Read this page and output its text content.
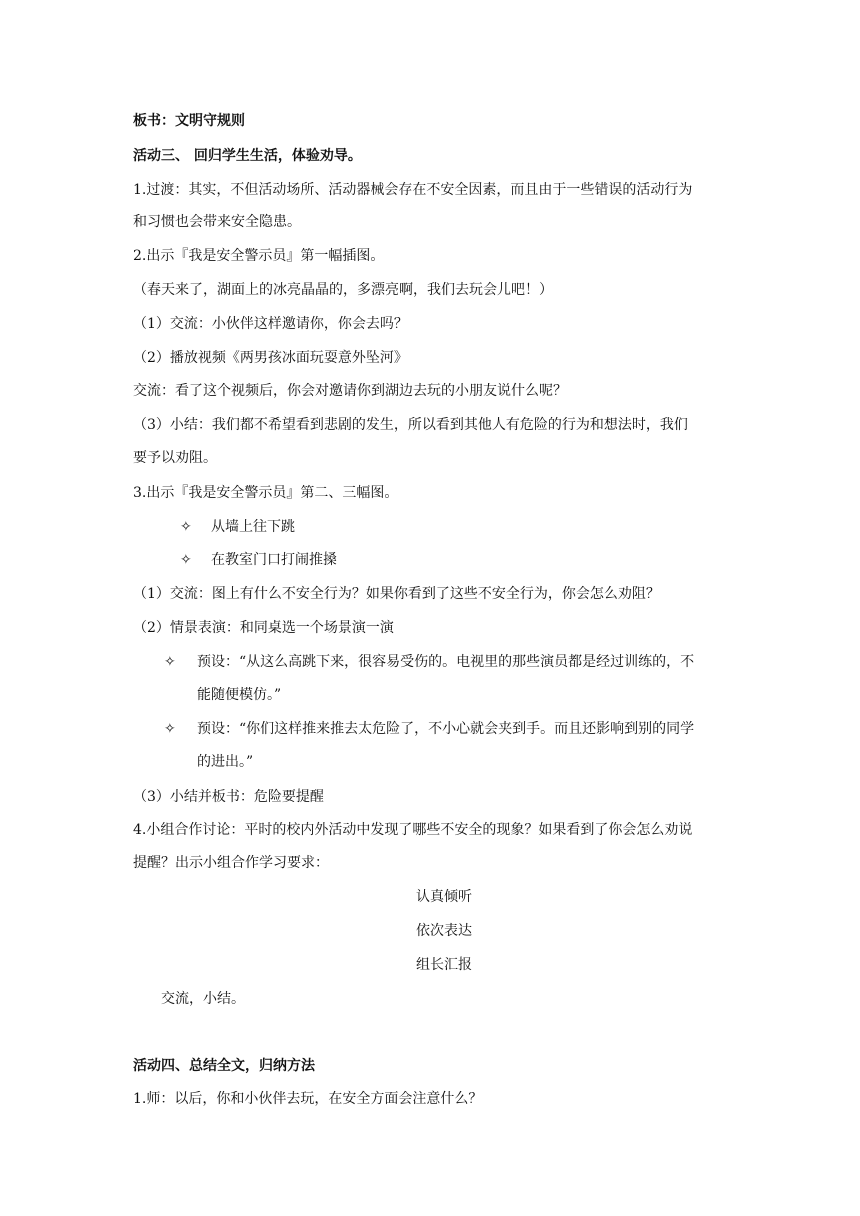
板书：文明守规则
活动三、 回归学生生活，体验劝导。
1.过渡：其实，不但活动场所、活动器械会存在不安全因素，而且由于一些错误的活动行为
和习惯也会带来安全隐患。
2.出示『我是安全警示员』第一幅插图。
（春天来了，湖面上的冰亮晶晶的，多漂亮啊，我们去玩会儿吧！）
（1）交流：小伙伴这样邀请你，你会去吗？
（2）播放视频《两男孩冰面玩耍意外坠河》
交流：看了这个视频后，你会对邀请你到湖边去玩的小朋友说什么呢？
（3）小结：我们都不希望看到悲剧的发生，所以看到其他人有危险的行为和想法时，我们
要予以劝阻。
3.出示『我是安全警示员』第二、三幅图。
✧ 从墙上往下跳
✧ 在教室门口打闹推搡
（1）交流：图上有什么不安全行为？如果你看到了这些不安全行为，你会怎么劝阻？
（2）情景表演：和同桌选一个场景演一演
✧ 预设：“从这么高跳下来，很容易受伤的。电视里的那些演员都是经过训练的，不
能随便模仿。”
✧ 预设：“你们这样推来推去太危险了，不小心就会夹到手。而且还影响到别的同学
的进出。”
（3）小结并板书：危险要提醒
4.小组合作讨论：平时的校内外活动中发现了哪些不安全的现象？如果看到了你会怎么劝说
提醒？出示小组合作学习要求：
认真倾听
依次表达
组长汇报
交流，小结。
活动四、总结全文，归纳方法
1.师：以后，你和小伙伴去玩，在安全方面会注意什么？
